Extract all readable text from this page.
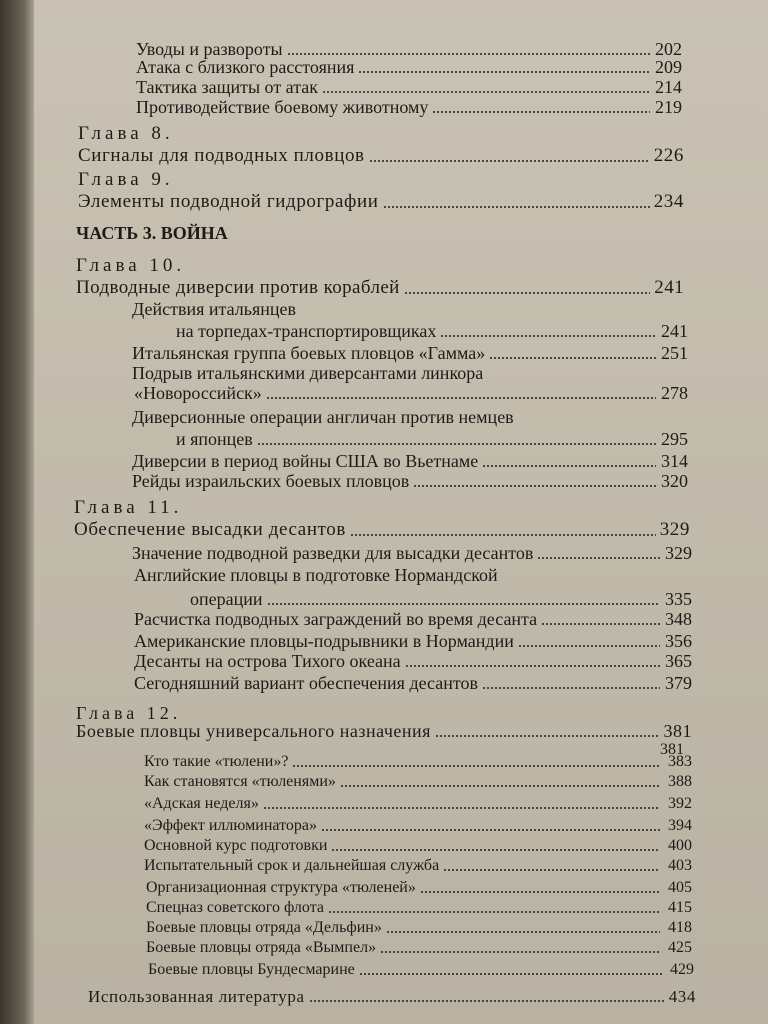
Уводы и развороты	202
Атака с близкого расстояния	209
Тактика защиты от атак	214
Противодействие боевому животному	219
Глава 8.
Сигналы для подводных пловцов	226
Глава 9.
Элементы подводной гидрографии	234
ЧАСТЬ 3. ВОЙНА
Глава 10.
Подводные диверсии против кораблей	241
Действия итальянцев
на торпедах-транспортировщиках	241
Итальянская группа боевых пловцов «Гамма»	251
Подрыв итальянскими диверсантами линкора
«Новороссийск»	278
Диверсионные операции англичан против немцев
и японцев	295
Диверсии в период войны США во Вьетнаме	314
Рейды израильских боевых пловцов	320
Глава 11.
Обеспечение высадки десантов	329
Значение подводной разведки для высадки десантов	329
Английские пловцы в подготовке Нормандской
операции	335
Расчистка подводных заграждений во время десанта	348
Американские пловцы-подрывники в Нормандии	356
Десанты на острова Тихого океана	365
Сегодняшний вариант обеспечения десантов	379
Глава 12.
Боевые пловцы универсального назначения	381
381
Кто такие «тюлени»?	383
Как становятся «тюленями»	388
«Адская неделя»	392
«Эффект иллюминатора»	394
Основной курс подготовки	400
Испытательный срок и дальнейшая служба	403
Организационная структура «тюленей»	405
Спецназ советского флота	415
Боевые пловцы отряда «Дельфин»	418
Боевые пловцы отряда «Вымпел»	425
Боевые пловцы Бундесмарине	429
Использованная литература	434
